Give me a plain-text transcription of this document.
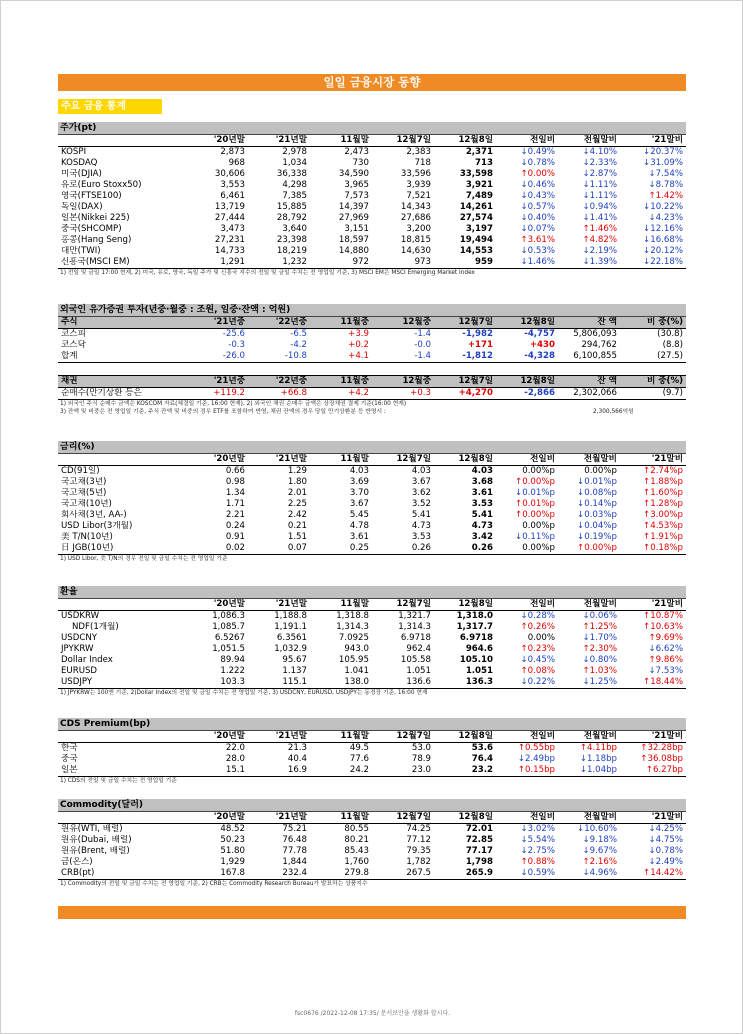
일일 금융시장 동향
주요 금융 통계
주가(pt)
	'20년말	'21년말	11월말	12월7일	12월8일	전일비	전월말비	'21말비
KOSPI	2,873	2,978	2,473	2,383	2,371	↓0.49%	↓4.10%	↓20.37%
KOSDAQ	968	1,034	730	718	713	↓0.78%	↓2.33%	↓31.09%
미국(DJIA)	30,606	36,338	34,590	33,596	33,598	↑0.00%	↓2.87%	↓7.54%
유로(Euro Stoxx50)	3,553	4,298	3,965	3,939	3,921	↓0.46%	↓1.11%	↓8.78%
영국(FTSE100)	6,461	7,385	7,573	7,521	7,489	↓0.43%	↓1.11%	↑1.42%
독일(DAX)	13,719	15,885	14,397	14,343	14,261	↓0.57%	↓0.94%	↓10.22%
일본(Nikkei 225)	27,444	28,792	27,969	27,686	27,574	↓0.40%	↓1.41%	↓4.23%
중국(SHCOMP)	3,473	3,640	3,151	3,200	3,197	↓0.07%	↑1.46%	↓12.16%
홍콩(Hang Seng)	27,231	23,398	18,597	18,815	19,494	↑3.61%	↑4.82%	↓16.68%
대만(TWI)	14,733	18,219	14,880	14,630	14,553	↓0.53%	↓2.19%	↓20.12%
신흥국(MSCI EM)	1,291	1,232	972	973	959	↓1.46%	↓1.39%	↓22.18%
1) 전일 및 금일 17:00 현재, 2) 미국, 유로, 영국, 독일 주가 및 신흥국 지수의 전일 및 금일 수치는 전 영업일 기준, 3) MSCI EM은 MSCI Emerging Market Index
외국인 유가증권 투자(년중·월중 : 조원, 일중·잔액 : 억원)
주식	'21년중	'22년중	11월중	12월중	12월7일	12월8일	잔 액	비 중(%)
코스피	-25.6	-6.5	+3.9	-1.4	-1,982	-4,757	5,806,093	(30.8)
코스닥	-0.3	-4.2	+0.2	-0.0	+171	+430	294,762	(8.8)
합계	-26.0	-10.8	+4.1	-1.4	-1,812	-4,328	6,100,855	(27.5)
채권	'21년중	'22년중	11월중	12월중	12월7일	12월8일	잔 액	비 중(%)
순매수(만기상환 등은	+119.2	+66.8	+4.2	+0.3	+4,270	-2,866	2,302,066	(9.7)
1) 외국인 주식 순매수 금액은 KOSCOM 자료(체결일 기준, 16:00 현재), 2) 외국인 채권 순매수 금액은 상장채권 결제 기준(16:00 현재)
3) 잔액 및 비중은 전 영업일 기준, 주식 잔액 및 비중의 경우 ETF를 포함하여 반영, 채권 잔액의 경우 당일 만기상환분 등 반영시 :	2,300,566억원
금리(%)
	'20년말	'21년말	11월말	12월7일	12월8일	전일비	전월말비	'21말비
CD(91일)	0.66	1.29	4.03	4.03	4.03	0.00%p	0.00%p	↑2.74%p
국고채(3년)	0.98	1.80	3.69	3.67	3.68	↑0.00%p	↓0.01%p	↑1.88%p
국고채(5년)	1.34	2.01	3.70	3.62	3.61	↓0.01%p	↓0.08%p	↑1.60%p
국고채(10년)	1.71	2.25	3.67	3.52	3.53	↑0.01%p	↓0.14%p	↑1.28%p
회사채(3년, AA-)	2.21	2.42	5.45	5.41	5.41	↑0.00%p	↓0.03%p	↑3.00%p
USD Libor(3개월)	0.24	0.21	4.78	4.73	4.73	0.00%p	↓0.04%p	↑4.53%p
美 T/N(10년)	0.91	1.51	3.61	3.53	3.42	↓0.11%p	↓0.19%p	↑1.91%p
日 JGB(10년)	0.02	0.07	0.25	0.26	0.26	0.00%p	↑0.00%p	↑0.18%p
1) USD Libor, 美 T/N의 경우 전일 및 금일 수치는 전 영업일 기준
환율
	'20년말	'21년말	11월말	12월7일	12월8일	전일비	전월말비	'21말비
USDKRW	1,086.3	1,188.8	1,318.8	1,321.7	1,318.0	↓0.28%	↓0.06%	↑10.87%
NDF(1개월)	1,085.7	1,191.1	1,314.3	1,314.3	1,317.7	↑0.26%	↑1.25%	↑10.63%
USDCNY	6.5267	6.3561	7.0925	6.9718	6.9718	0.00%	↓1.70%	↑9.69%
JPYKRW	1,051.5	1,032.9	943.0	962.4	964.6	↑0.23%	↑2.30%	↓6.62%
Dollar Index	89.94	95.67	105.95	105.58	105.10	↓0.45%	↓0.80%	↑9.86%
EURUSD	1.222	1.137	1.041	1.051	1.051	↑0.08%	↑1.03%	↓7.53%
USDJPY	103.3	115.1	138.0	136.6	136.3	↓0.22%	↓1.25%	↑18.44%
1) JPYKRW는 100엔 기준, 2)Dollar Index의 전일 및 금일 수치는 전 영업일 기준, 3) USDCNY, EURUSD, USDJPY는 동경장 기준, 16:00 현재
CDS Premium(bp)
	'20년말	'21년말	11월말	12월7일	12월8일	전일비	전월말비	'21말비
한국	22.0	21.3	49.5	53.0	53.6	↑0.55bp	↑4.11bp	↑32.28bp
중국	28.0	40.4	77.6	78.9	76.4	↓2.49bp	↓1.18bp	↑36.08bp
일본	15.1	16.9	24.2	23.0	23.2	↑0.15bp	↓1.04bp	↑6.27bp
1) CDS의 전일 및 금일 수치는 전 영업일 기준
Commodity(달러)
	'20년말	'21년말	11월말	12월7일	12월8일	전일비	전월말비	'21말비
원유(WTI, 배럴)	48.52	75.21	80.55	74.25	72.01	↓3.02%	↓10.60%	↓4.25%
원유(Dubai, 배럴)	50.23	76.48	80.21	77.12	72.85	↓5.54%	↓9.18%	↓4.75%
원유(Brent, 배럴)	51.80	77.78	85.43	79.35	77.17	↓2.75%	↓9.67%	↓0.78%
금(온스)	1,929	1,844	1,760	1,782	1,798	↑0.88%	↑2.16%	↓2.49%
CRB(pt)	167.8	232.4	279.8	267.5	265.9	↓0.59%	↓4.96%	↑14.42%
1) Commodity의 전일 및 금일 수치는 전 영업일 기준, 2) CRB는 Commodity Research Bureau가 발표하는 상품지수
fsc0676 /2022-12-08 17:35/ 문서보안을 생활화 합시다.
